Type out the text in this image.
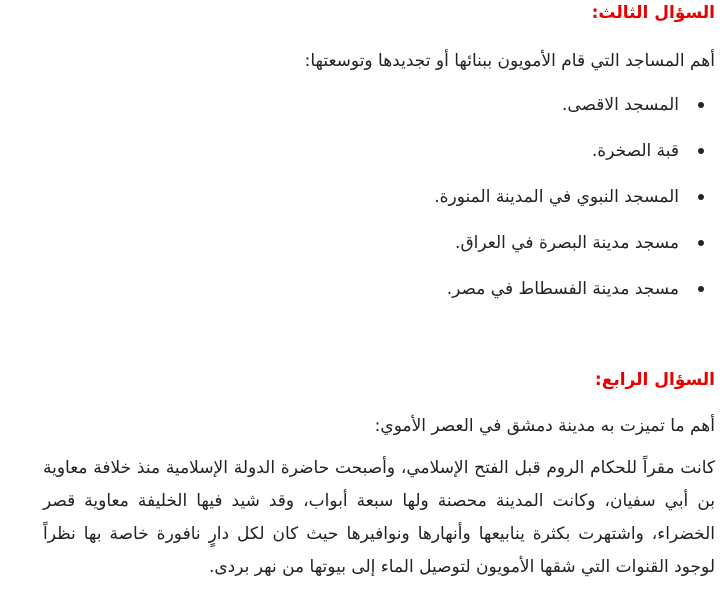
السؤال الثالث:

أهم المساجد التي قام الأمويون ببنائها أو تجديدها وتوسعتها:

المسجد الاقصى.
قبة الصخرة.
المسجد النبوي في المدينة المنورة.
مسجد مدينة البصرة في العراق.
مسجد مدينة الفسطاط في مصر.
السؤال الرابع:

أهم ما تميزت به مدينة دمشق في العصر الأموي:

كانت مقراً للحكام الروم قبل الفتح الإسلامي، وأصبحت حاضرة الدولة الإسلامية منذ خلافة معاوية بن أبي سفيان، وكانت المدينة محصنة ولها سبعة أبواب، وقد شيد فيها الخليفة معاوية قصر الخضراء، واشتهرت بكثرة ينابيعها وأنهارها ونوافيرها حيث كان لكل دارٍ نافورة خاصة بها نظراً لوجود القنوات التي شقها الأمويون لتوصيل الماء إلى بيوتها من نهر بردى.
